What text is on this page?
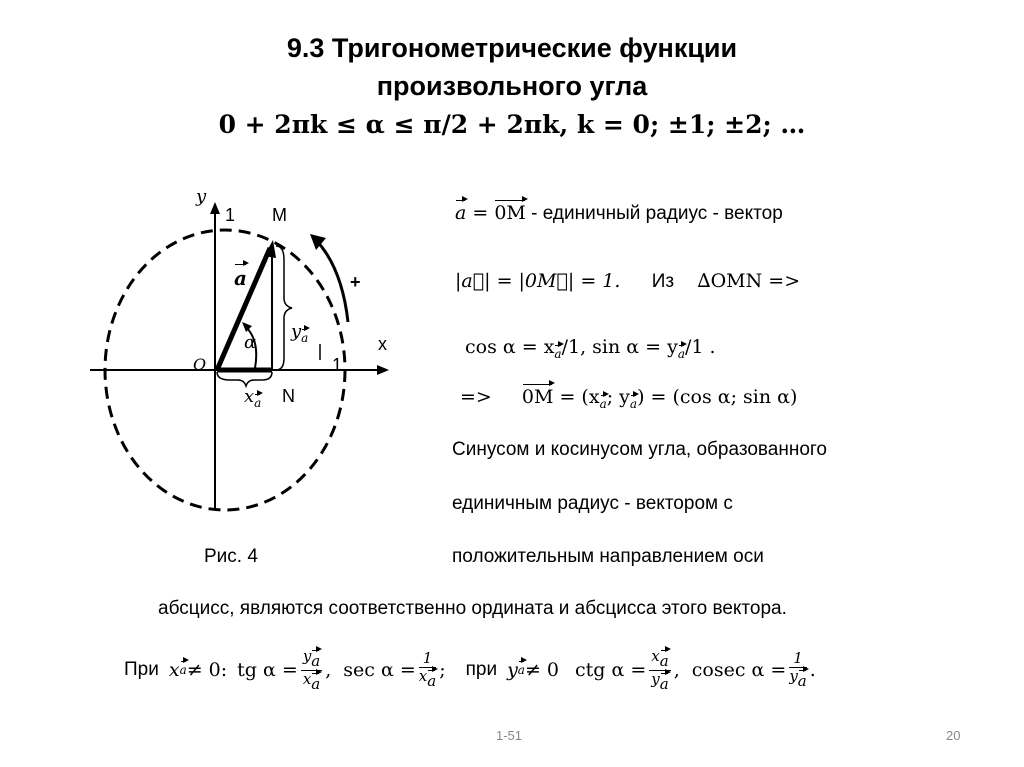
9.3 Тригонометрические функции
произвольного угла
𝟎 + 𝟐𝛑𝐤 ≤ 𝛂 ≤ 𝛑/𝟐 + 𝟐𝛑𝐤, 𝐤 = 𝟎; ±𝟏; ±𝟐; …
y
1 M
a	+
ya
α	x
O	1
xa N
Рис. 4
a = 0M - единичный радиус - вектор
|a⃗| = |0M⃗| = 1. Из ∆OMN =>
cos α = xa/1, sin α = ya/1 .
=> 0M = (xa; ya) = (cos α; sin α)
Синусом и косинусом угла, образованного
единичным радиус - вектором с
положительным направлением оси
абсцисс, являются соответственно ордината и абсцисса этого вектора.
При x a ≠ 0: tg $\alpha = \frac{ya}{xa}$ , $\sec \alpha = \frac{1}{xa}$ ; при y a ≠ 0 ctg $\alpha = \frac{xa}{ya}$ , cosec $\alpha = \frac{1}{ya}$ .
1-51	20
